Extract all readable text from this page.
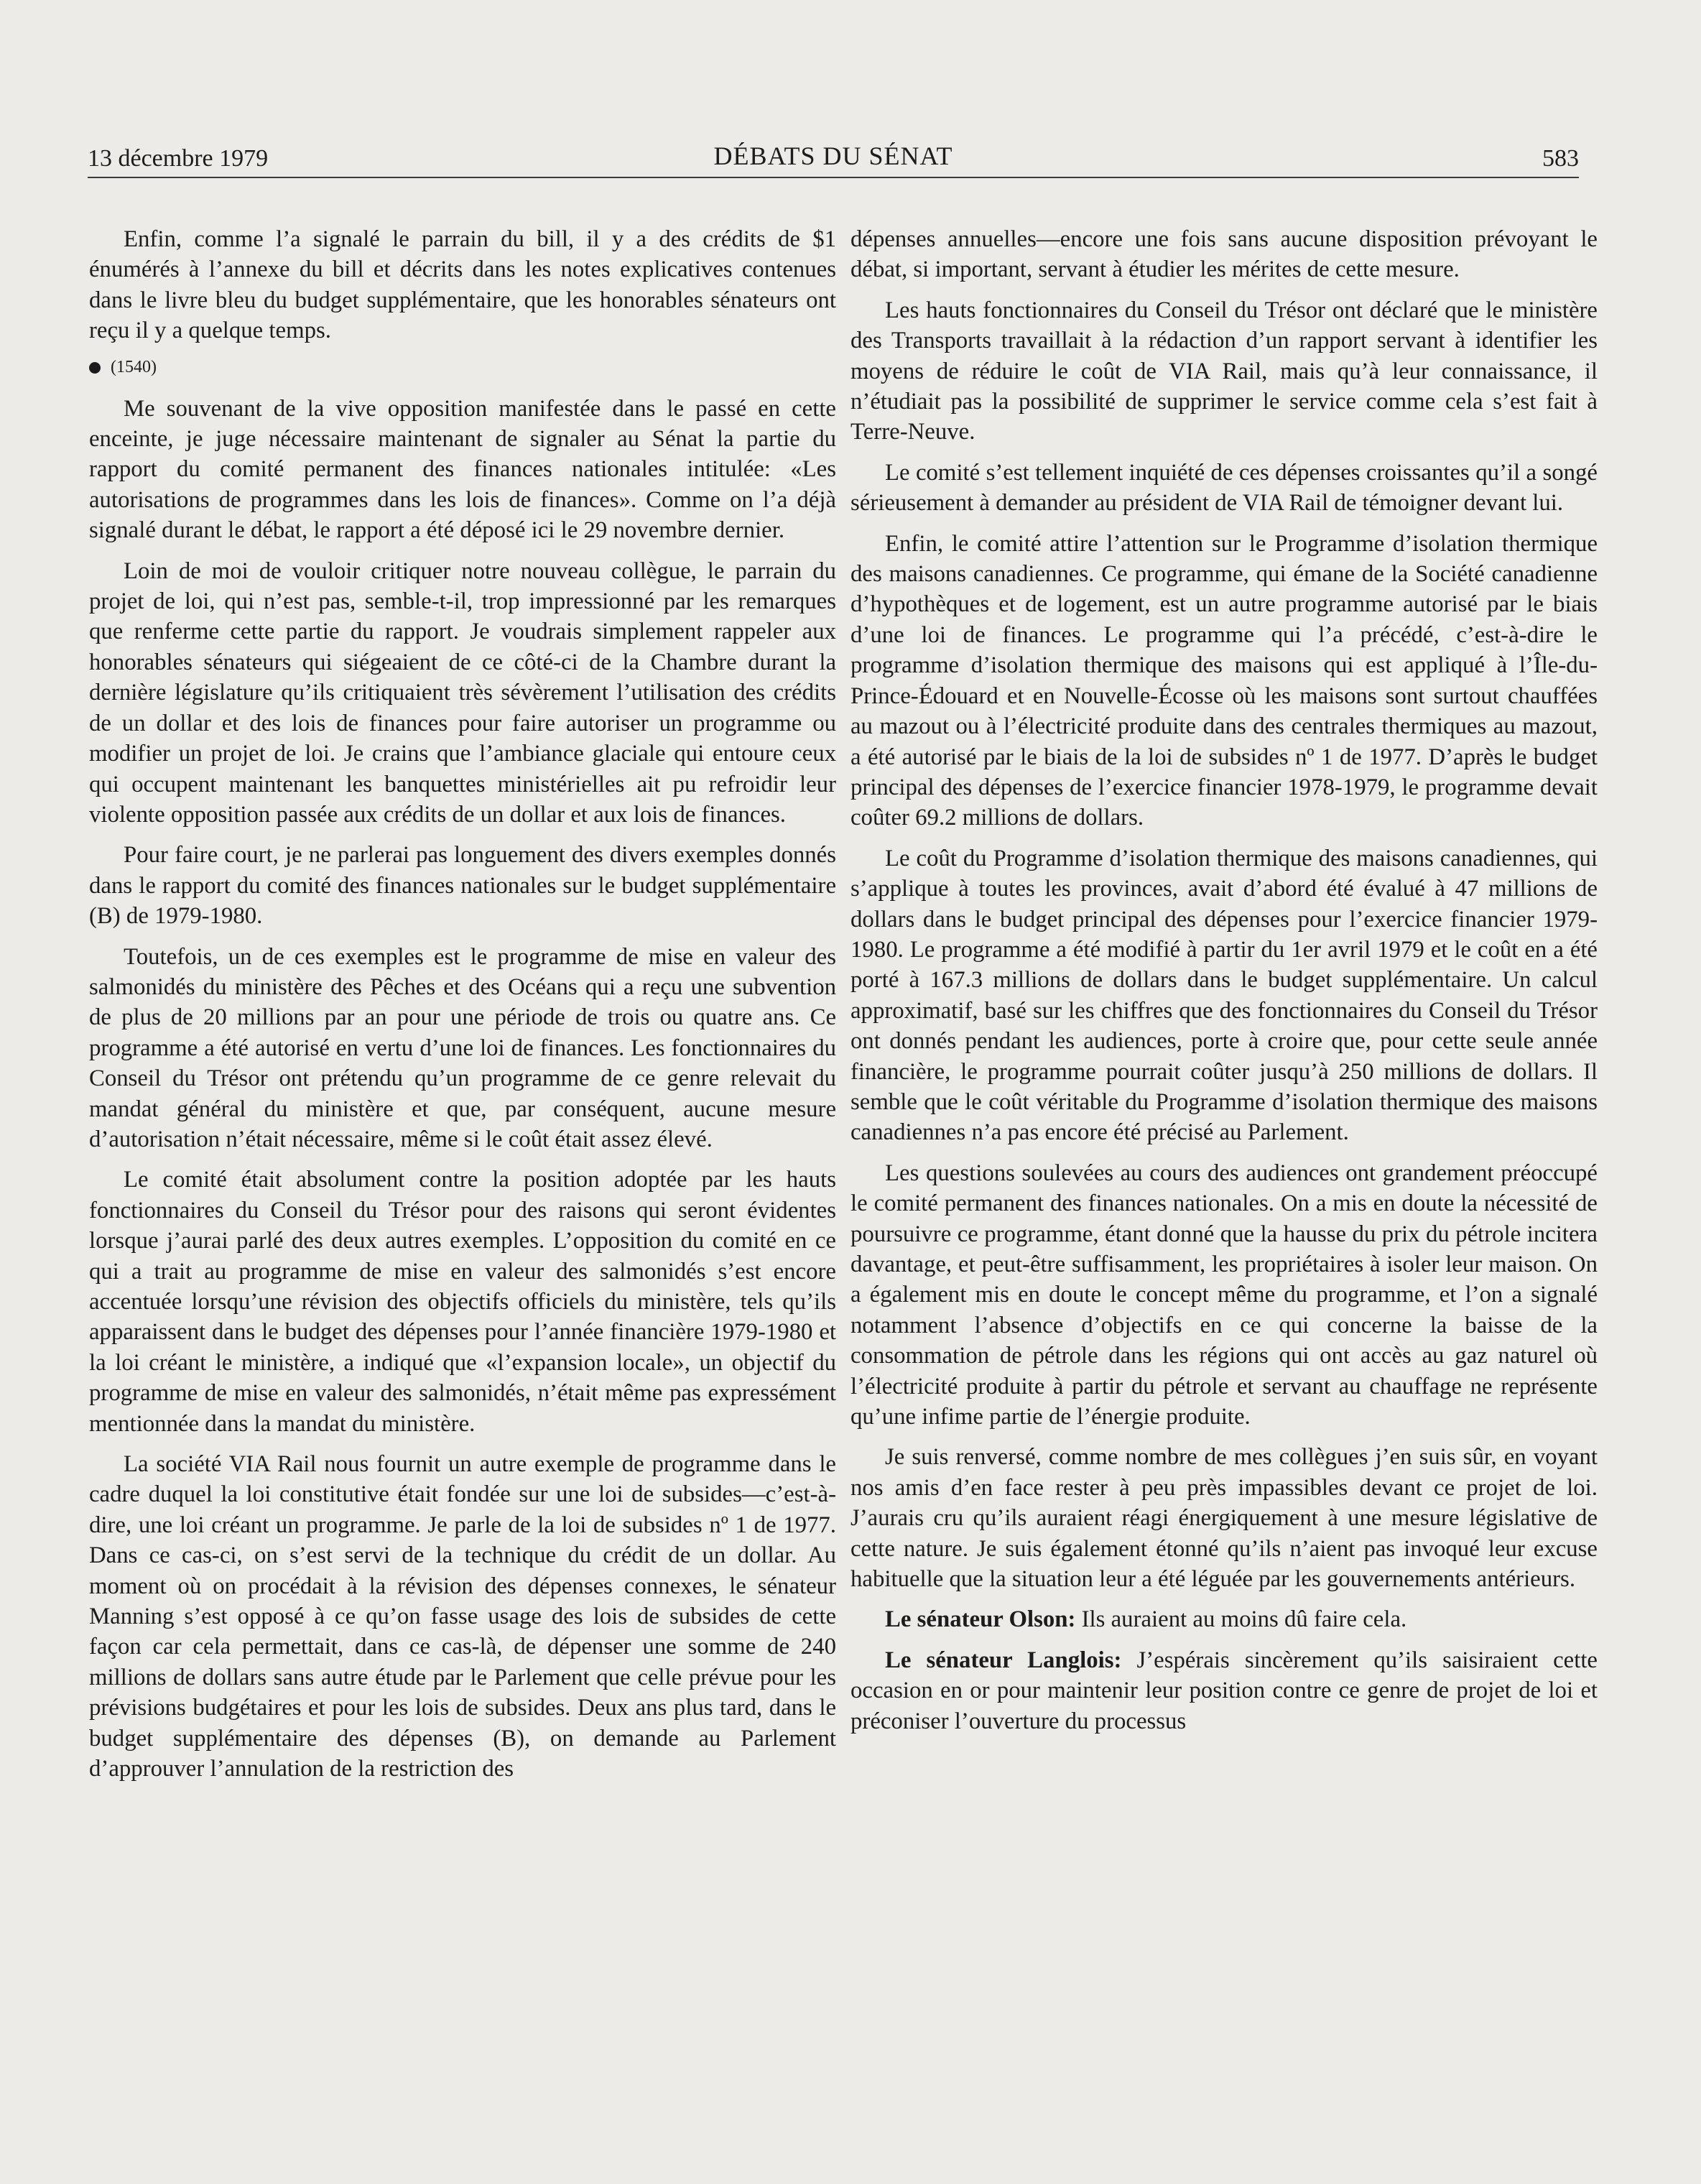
13 décembre 1979	DÉBATS DU SÉNAT	583

Enfin, comme l’a signalé le parrain du bill, il y a des crédits de $1 énumérés à l’annexe du bill et décrits dans les notes explicatives contenues dans le livre bleu du budget supplémentaire, que les honorables sénateurs ont reçu il y a quelque temps.

(1540)

Me souvenant de la vive opposition manifestée dans le passé en cette enceinte, je juge nécessaire maintenant de signaler au Sénat la partie du rapport du comité permanent des finances nationales intitulée: «Les autorisations de programmes dans les lois de finances». Comme on l’a déjà signalé durant le débat, le rapport a été déposé ici le 29 novembre dernier.

Loin de moi de vouloir critiquer notre nouveau collègue, le parrain du projet de loi, qui n’est pas, semble-t-il, trop impressionné par les remarques que renferme cette partie du rapport. Je voudrais simplement rappeler aux honorables sénateurs qui siégeaient de ce côté-ci de la Chambre durant la dernière législature qu’ils critiquaient très sévèrement l’utilisation des crédits de un dollar et des lois de finances pour faire autoriser un programme ou modifier un projet de loi. Je crains que l’ambiance glaciale qui entoure ceux qui occupent maintenant les banquettes ministérielles ait pu refroidir leur violente opposition passée aux crédits de un dollar et aux lois de finances.

Pour faire court, je ne parlerai pas longuement des divers exemples donnés dans le rapport du comité des finances nationales sur le budget supplémentaire (B) de 1979-1980.

Toutefois, un de ces exemples est le programme de mise en valeur des salmonidés du ministère des Pêches et des Océans qui a reçu une subvention de plus de 20 millions par an pour une période de trois ou quatre ans. Ce programme a été autorisé en vertu d’une loi de finances. Les fonctionnaires du Conseil du Trésor ont prétendu qu’un programme de ce genre relevait du mandat général du ministère et que, par conséquent, aucune mesure d’autorisation n’était nécessaire, même si le coût était assez élevé.

Le comité était absolument contre la position adoptée par les hauts fonctionnaires du Conseil du Trésor pour des raisons qui seront évidentes lorsque j’aurai parlé des deux autres exemples. L’opposition du comité en ce qui a trait au programme de mise en valeur des salmonidés s’est encore accentuée lorsqu’une révision des objectifs officiels du ministère, tels qu’ils apparaissent dans le budget des dépenses pour l’année financière 1979-1980 et la loi créant le ministère, a indiqué que «l’expansion locale», un objectif du programme de mise en valeur des salmonidés, n’était même pas expressément mentionnée dans la mandat du ministère.

La société VIA Rail nous fournit un autre exemple de programme dans le cadre duquel la loi constitutive était fondée sur une loi de subsides—c’est-à-dire, une loi créant un programme. Je parle de la loi de subsides nº 1 de 1977. Dans ce cas-ci, on s’est servi de la technique du crédit de un dollar. Au moment où on procédait à la révision des dépenses connexes, le sénateur Manning s’est opposé à ce qu’on fasse usage des lois de subsides de cette façon car cela permettait, dans ce cas-là, de dépenser une somme de 240 millions de dollars sans autre étude par le Parlement que celle prévue pour les prévisions budgétaires et pour les lois de subsides. Deux ans plus tard, dans le budget supplémentaire des dépenses (B), on demande au Parlement d’approuver l’annulation de la restriction des

dépenses annuelles—encore une fois sans aucune disposition prévoyant le débat, si important, servant à étudier les mérites de cette mesure.

Les hauts fonctionnaires du Conseil du Trésor ont déclaré que le ministère des Transports travaillait à la rédaction d’un rapport servant à identifier les moyens de réduire le coût de VIA Rail, mais qu’à leur connaissance, il n’étudiait pas la possibilité de supprimer le service comme cela s’est fait à Terre-Neuve.

Le comité s’est tellement inquiété de ces dépenses croissantes qu’il a songé sérieusement à demander au président de VIA Rail de témoigner devant lui.

Enfin, le comité attire l’attention sur le Programme d’isolation thermique des maisons canadiennes. Ce programme, qui émane de la Société canadienne d’hypothèques et de logement, est un autre programme autorisé par le biais d’une loi de finances. Le programme qui l’a précédé, c’est-à-dire le programme d’isolation thermique des maisons qui est appliqué à l’Île-du-Prince-Édouard et en Nouvelle-Écosse où les maisons sont surtout chauffées au mazout ou à l’électricité produite dans des centrales thermiques au mazout, a été autorisé par le biais de la loi de subsides nº 1 de 1977. D’après le budget principal des dépenses de l’exercice financier 1978-1979, le programme devait coûter 69.2 millions de dollars.

Le coût du Programme d’isolation thermique des maisons canadiennes, qui s’applique à toutes les provinces, avait d’abord été évalué à 47 millions de dollars dans le budget principal des dépenses pour l’exercice financier 1979-1980. Le programme a été modifié à partir du 1er avril 1979 et le coût en a été porté à 167.3 millions de dollars dans le budget supplémentaire. Un calcul approximatif, basé sur les chiffres que des fonctionnaires du Conseil du Trésor ont donnés pendant les audiences, porte à croire que, pour cette seule année financière, le programme pourrait coûter jusqu’à 250 millions de dollars. Il semble que le coût véritable du Programme d’isolation thermique des maisons canadiennes n’a pas encore été précisé au Parlement.

Les questions soulevées au cours des audiences ont grandement préoccupé le comité permanent des finances nationales. On a mis en doute la nécessité de poursuivre ce programme, étant donné que la hausse du prix du pétrole incitera davantage, et peut-être suffisamment, les propriétaires à isoler leur maison. On a également mis en doute le concept même du programme, et l’on a signalé notamment l’absence d’objectifs en ce qui concerne la baisse de la consommation de pétrole dans les régions qui ont accès au gaz naturel où l’électricité produite à partir du pétrole et servant au chauffage ne représente qu’une infime partie de l’énergie produite.

Je suis renversé, comme nombre de mes collègues j’en suis sûr, en voyant nos amis d’en face rester à peu près impassibles devant ce projet de loi. J’aurais cru qu’ils auraient réagi énergiquement à une mesure législative de cette nature. Je suis également étonné qu’ils n’aient pas invoqué leur excuse habituelle que la situation leur a été léguée par les gouvernements antérieurs.

Le sénateur Olson: Ils auraient au moins dû faire cela.

Le sénateur Langlois: J’espérais sincèrement qu’ils saisiraient cette occasion en or pour maintenir leur position contre ce genre de projet de loi et préconiser l’ouverture du processus
